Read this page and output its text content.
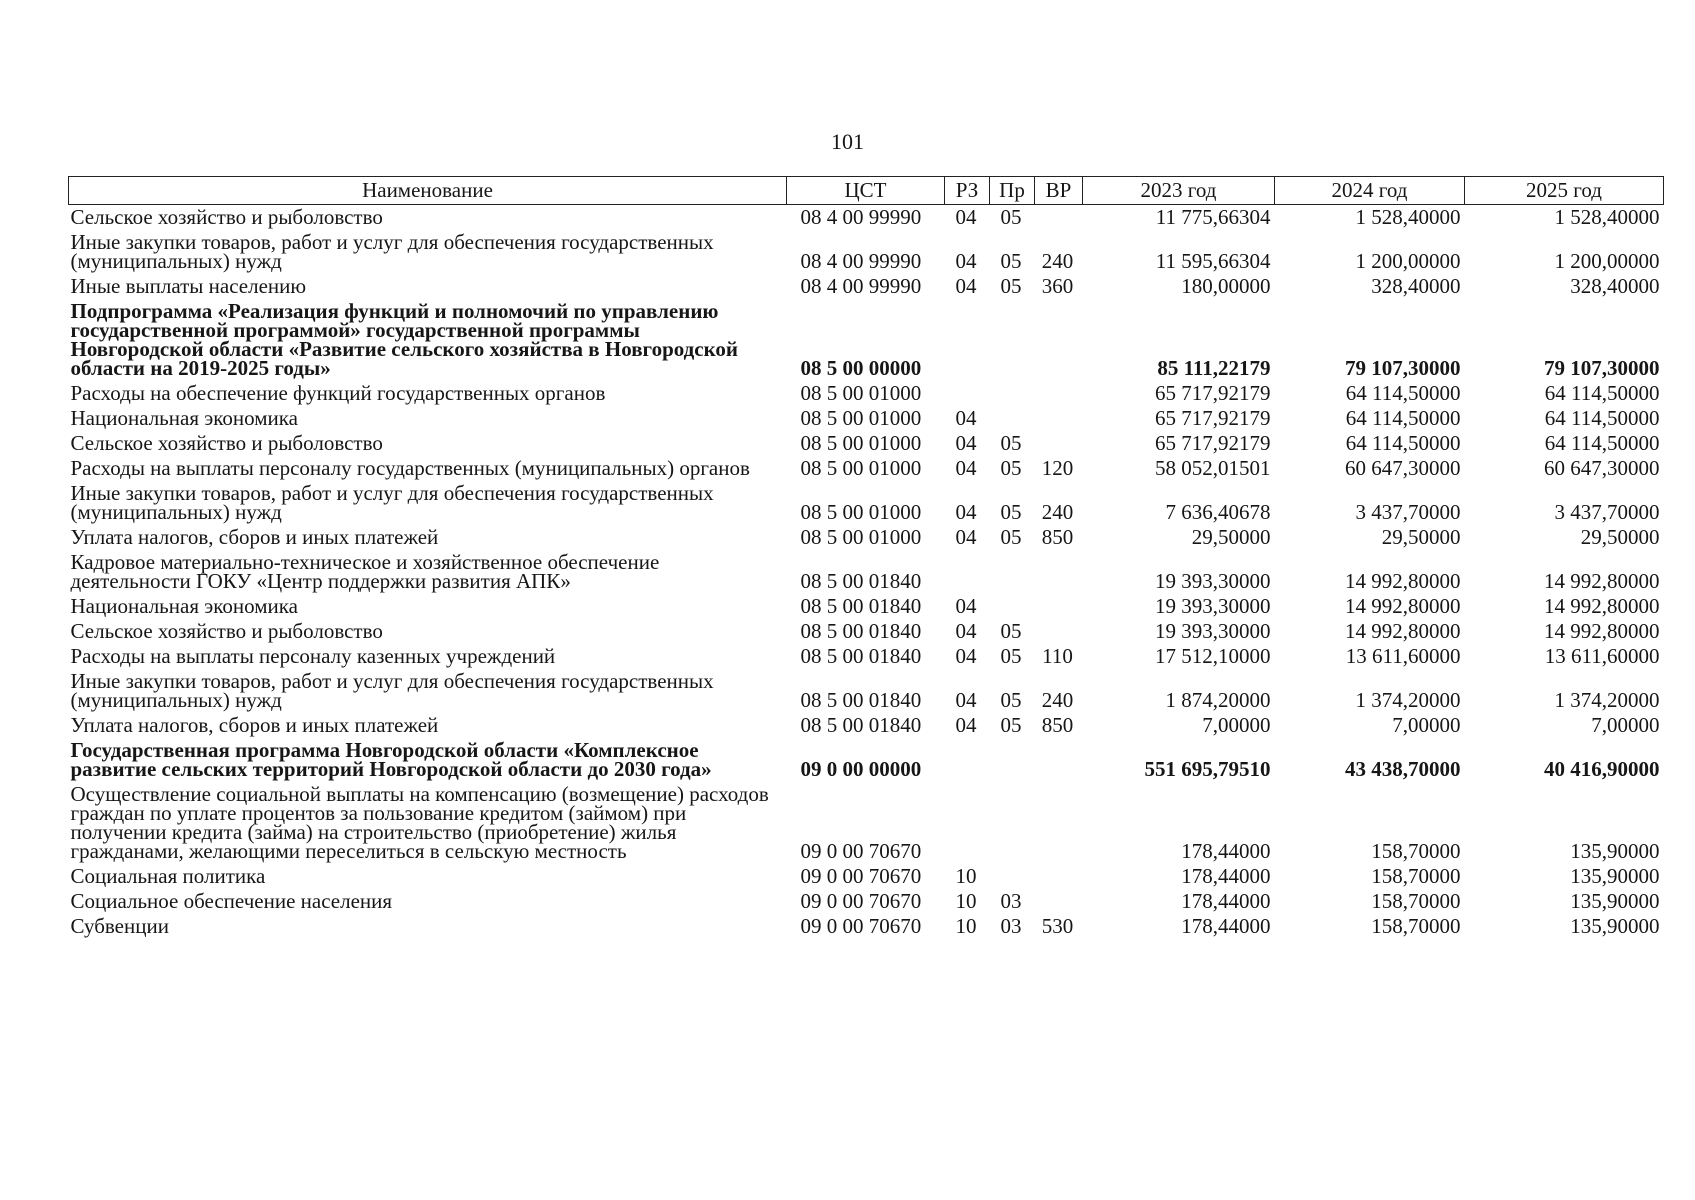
101
Наименование	ЦСТ	РЗ	Пр	ВР	2023 год	2024 год	2025 год
Сельское хозяйство и рыболовство	08 4 00 99990	04	05		11 775,66304	1 528,40000	1 528,40000
Иные закупки товаров, работ и услуг для обеспечения государственных (муниципальных) нужд	08 4 00 99990	04	05	240	11 595,66304	1 200,00000	1 200,00000
Иные выплаты населению	08 4 00 99990	04	05	360	180,00000	328,40000	328,40000
Подпрограмма «Реализация функций и полномочий по управлению государственной программой» государственной программы Новгородской области «Развитие сельского хозяйства в Новгородской области на 2019-2025 годы»	08 5 00 00000				85 111,22179	79 107,30000	79 107,30000
Расходы на обеспечение функций государственных органов	08 5 00 01000				65 717,92179	64 114,50000	64 114,50000
Национальная экономика	08 5 00 01000	04			65 717,92179	64 114,50000	64 114,50000
Сельское хозяйство и рыболовство	08 5 00 01000	04	05		65 717,92179	64 114,50000	64 114,50000
Расходы на выплаты персоналу государственных (муниципальных) органов	08 5 00 01000	04	05	120	58 052,01501	60 647,30000	60 647,30000
Иные закупки товаров, работ и услуг для обеспечения государственных (муниципальных) нужд	08 5 00 01000	04	05	240	7 636,40678	3 437,70000	3 437,70000
Уплата налогов, сборов и иных платежей	08 5 00 01000	04	05	850	29,50000	29,50000	29,50000
Кадровое материально-техническое и хозяйственное обеспечение деятельности ГОКУ «Центр поддержки развития АПК»	08 5 00 01840				19 393,30000	14 992,80000	14 992,80000
Национальная экономика	08 5 00 01840	04			19 393,30000	14 992,80000	14 992,80000
Сельское хозяйство и рыболовство	08 5 00 01840	04	05		19 393,30000	14 992,80000	14 992,80000
Расходы на выплаты персоналу казенных учреждений	08 5 00 01840	04	05	110	17 512,10000	13 611,60000	13 611,60000
Иные закупки товаров, работ и услуг для обеспечения государственных (муниципальных) нужд	08 5 00 01840	04	05	240	1 874,20000	1 374,20000	1 374,20000
Уплата налогов, сборов и иных платежей	08 5 00 01840	04	05	850	7,00000	7,00000	7,00000
Государственная программа Новгородской области «Комплексное развитие сельских территорий Новгородской области до 2030 года»	09 0 00 00000				551 695,79510	43 438,70000	40 416,90000
Осуществление социальной выплаты на компенсацию (возмещение) расходов граждан по уплате процентов за пользование кредитом (займом) при получении кредита (займа) на строительство (приобретение) жилья гражданами, желающими переселиться в сельскую местность	09 0 00 70670				178,44000	158,70000	135,90000
Социальная политика	09 0 00 70670	10			178,44000	158,70000	135,90000
Социальное обеспечение населения	09 0 00 70670	10	03		178,44000	158,70000	135,90000
Субвенции	09 0 00 70670	10	03	530	178,44000	158,70000	135,90000
